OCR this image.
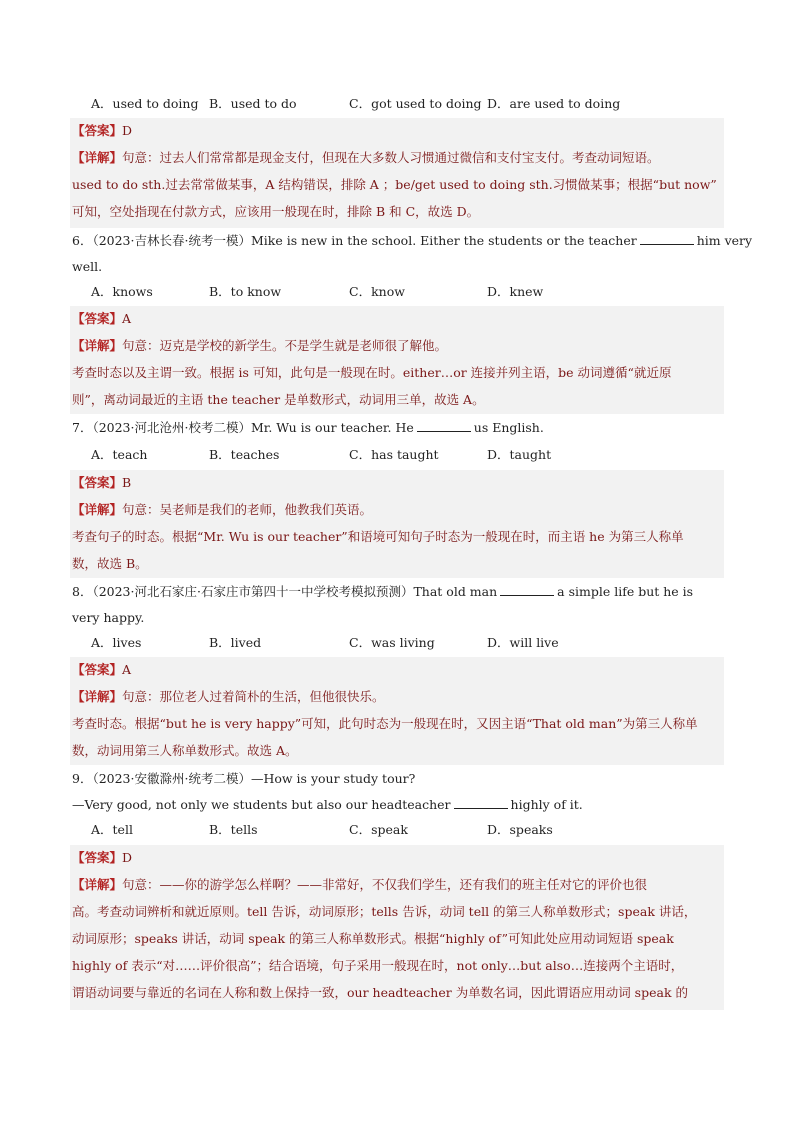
A．used to doing B．used to do	C．got used to doing D．are used to doing
【答案】D
【详解】句意：过去人们常常都是现金支付，但现在大多数人习惯通过微信和支付宝支付。考查动词短语。
used to do sth.过去常常做某事，A 结构错误，排除 A ；be/get used to doing sth.习惯做某事；根据“but now”
可知，空处指现在付款方式，应该用一般现在时，排除 B 和 C，故选 D。
6．（2023·吉林长春·统考一模）Mike is new in the school. Either the students or the teacher	him very
well.
A．knows	B．to know	C．know	D．knew
【答案】A
【详解】句意：迈克是学校的新学生。不是学生就是老师很了解他。
考查时态以及主谓一致。根据 is 可知，此句是一般现在时。either…or 连接并列主语，be 动词遵循“就近原
则”，离动词最近的主语 the teacher 是单数形式，动词用三单，故选 A。
7．（2023·河北沧州·校考二模）Mr. Wu is our teacher. He	us English.
A．teach	B．teaches	C．has taught	D．taught
【答案】B
【详解】句意：吴老师是我们的老师，他教我们英语。
考查句子的时态。根据“Mr. Wu is our teacher”和语境可知句子时态为一般现在时，而主语 he 为第三人称单
数，故选 B。
8．（2023·河北石家庄·石家庄市第四十一中学校考模拟预测）That old man	a simple life but he is
very happy.
A．lives	B．lived	C．was living	D．will live
【答案】A
【详解】句意：那位老人过着简朴的生活，但他很快乐。
考查时态。根据“but he is very happy”可知，此句时态为一般现在时，又因主语“That old man”为第三人称单
数，动词用第三人称单数形式。故选 A。
9．（2023·安徽滁州·统考二模）—How is your study tour?
—Very good, not only we students but also our headteacher	highly of it.
A．tell	B．tells	C．speak	D．speaks
【答案】D
【详解】句意：——你的游学怎么样啊？——非常好，不仅我们学生，还有我们的班主任对它的评价也很
高。考查动词辨析和就近原则。tell 告诉，动词原形；tells 告诉，动词 tell 的第三人称单数形式；speak 讲话，
动词原形；speaks 讲话，动词 speak 的第三人称单数形式。根据“highly of”可知此处应用动词短语 speak
highly of 表示“对……评价很高”；结合语境，句子采用一般现在时，not only…but also…连接两个主语时，
谓语动词要与靠近的名词在人称和数上保持一致，our headteacher 为单数名词，因此谓语应用动词 speak 的
